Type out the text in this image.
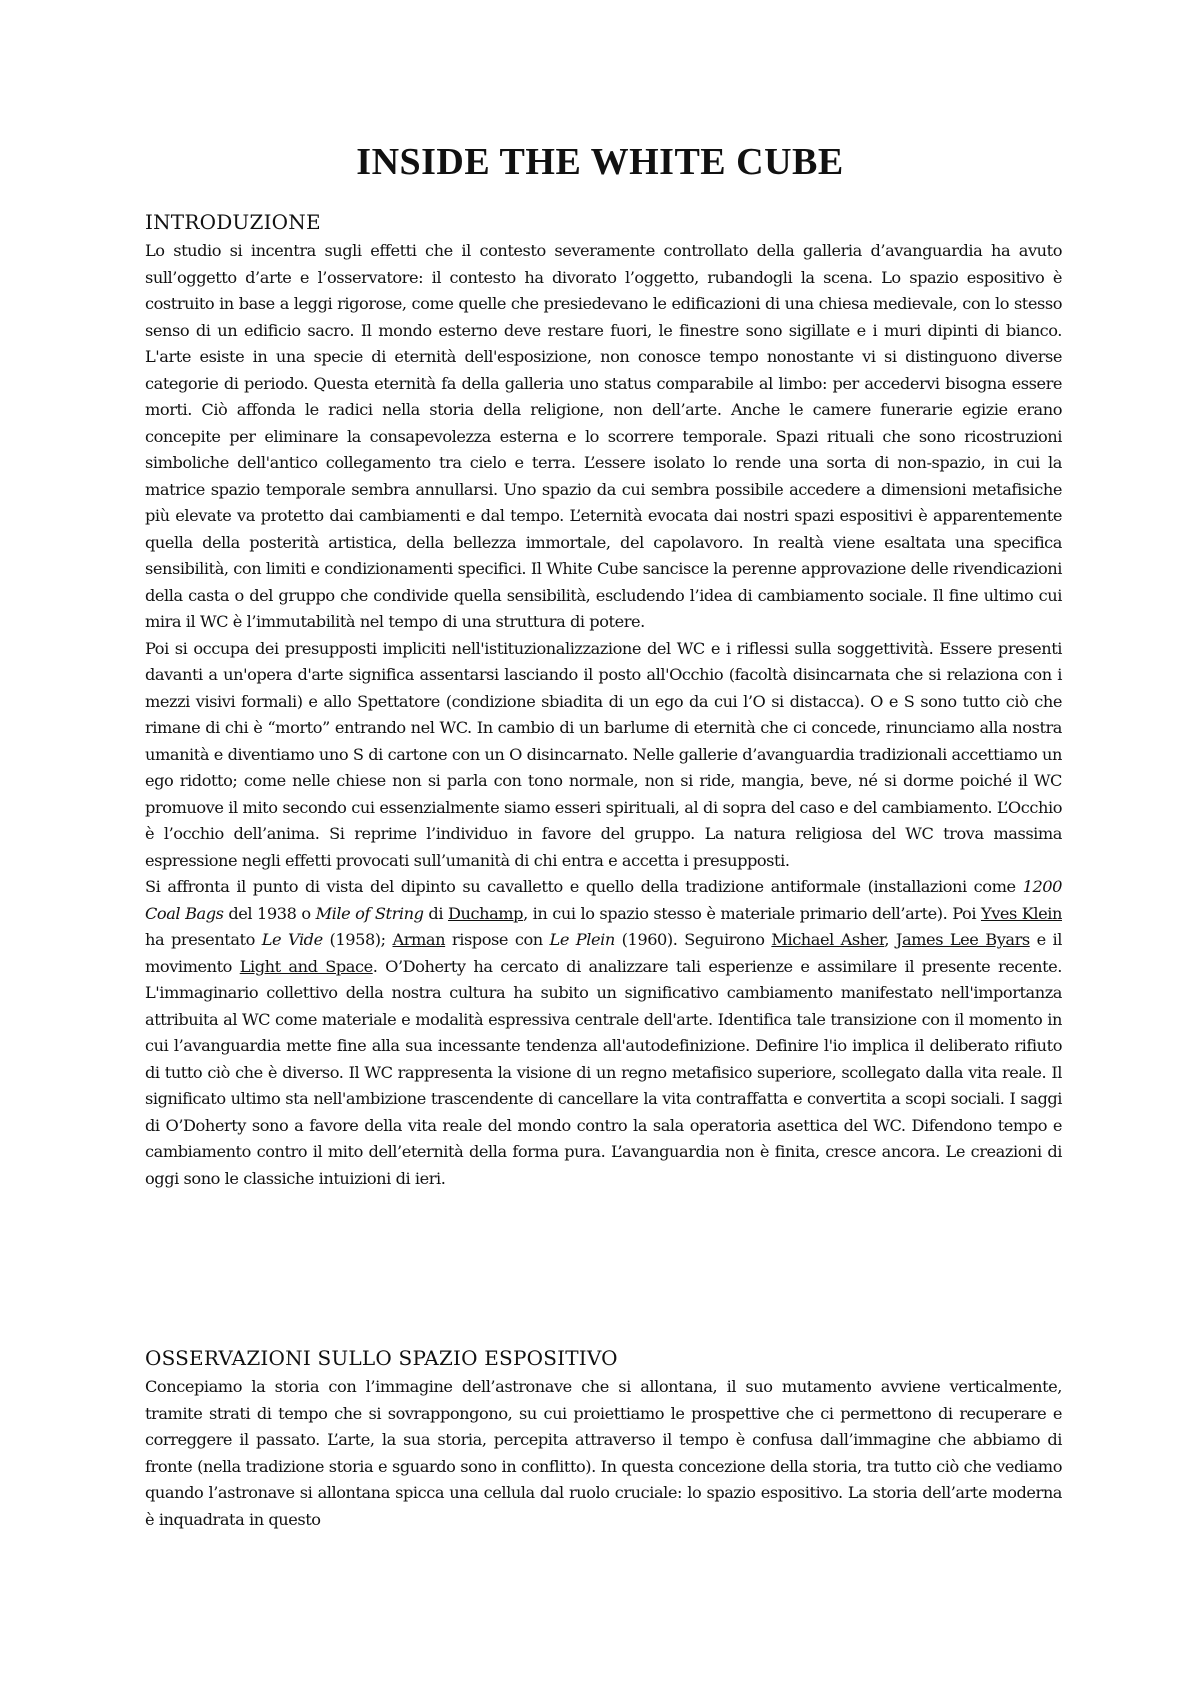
INSIDE THE WHITE CUBE
INTRODUZIONE

Lo studio si incentra sugli effetti che il contesto severamente controllato della galleria d’avanguardia ha avuto sull’oggetto d’arte e l’osservatore: il contesto ha divorato l’oggetto, rubandogli la scena. Lo spazio espositivo è costruito in base a leggi rigorose, come quelle che presiedevano le edificazioni di una chiesa medievale, con lo stesso senso di un edificio sacro. Il mondo esterno deve restare fuori, le finestre sono sigillate e i muri dipinti di bianco. L'arte esiste in una specie di eternità dell'esposizione, non conosce tempo nonostante vi si distinguono diverse categorie di periodo. Questa eternità fa della galleria uno status comparabile al limbo: per accedervi bisogna essere morti. Ciò affonda le radici nella storia della religione, non dell’arte. Anche le camere funerarie egizie erano concepite per eliminare la consapevolezza esterna e lo scorrere temporale. Spazi rituali che sono ricostruzioni simboliche dell'antico collegamento tra cielo e terra. L’essere isolato lo rende una sorta di non-spazio, in cui la matrice spazio temporale sembra annullarsi. Uno spazio da cui sembra possibile accedere a dimensioni metafisiche più elevate va protetto dai cambiamenti e dal tempo. L’eternità evocata dai nostri spazi espositivi è apparentemente quella della posterità artistica, della bellezza immortale, del capolavoro. In realtà viene esaltata una specifica sensibilità, con limiti e condizionamenti specifici. Il White Cube sancisce la perenne approvazione delle rivendicazioni della casta o del gruppo che condivide quella sensibilità, escludendo l’idea di cambiamento sociale. Il fine ultimo cui mira il WC è l’immutabilità nel tempo di una struttura di potere.

Poi si occupa dei presupposti impliciti nell'istituzionalizzazione del WC e i riflessi sulla soggettività. Essere presenti davanti a un'opera d'arte significa assentarsi lasciando il posto all'Occhio (facoltà disincarnata che si relaziona con i mezzi visivi formali) e allo Spettatore (condizione sbiadita di un ego da cui l’O si distacca). O e S sono tutto ciò che rimane di chi è “morto” entrando nel WC. In cambio di un barlume di eternità che ci concede, rinunciamo alla nostra umanità e diventiamo uno S di cartone con un O disincarnato. Nelle gallerie d’avanguardia tradizionali accettiamo un ego ridotto; come nelle chiese non si parla con tono normale, non si ride, mangia, beve, né si dorme poiché il WC promuove il mito secondo cui essenzialmente siamo esseri spirituali, al di sopra del caso e del cambiamento. L’Occhio è l’occhio dell’anima. Si reprime l’individuo in favore del gruppo. La natura religiosa del WC trova massima espressione negli effetti provocati sull’umanità di chi entra e accetta i presupposti.

Si affronta il punto di vista del dipinto su cavalletto e quello della tradizione antiformale (installazioni come 1200 Coal Bags del 1938 o Mile of String di Duchamp, in cui lo spazio stesso è materiale primario dell’arte). Poi Yves Klein ha presentato Le Vide (1958); Arman rispose con Le Plein (1960). Seguirono Michael Asher, James Lee Byars e il movimento Light and Space. O’Doherty ha cercato di analizzare tali esperienze e assimilare il presente recente. L'immaginario collettivo della nostra cultura ha subito un significativo cambiamento manifestato nell'importanza attribuita al WC come materiale e modalità espressiva centrale dell'arte. Identifica tale transizione con il momento in cui l’avanguardia mette fine alla sua incessante tendenza all'autodefinizione. Definire l'io implica il deliberato rifiuto di tutto ciò che è diverso. Il WC rappresenta la visione di un regno metafisico superiore, scollegato dalla vita reale. Il significato ultimo sta nell'ambizione trascendente di cancellare la vita contraffatta e convertita a scopi sociali. I saggi di O’Doherty sono a favore della vita reale del mondo contro la sala operatoria asettica del WC. Difendono tempo e cambiamento contro il mito dell’eternità della forma pura. L’avanguardia non è finita, cresce ancora. Le creazioni di oggi sono le classiche intuizioni di ieri.

OSSERVAZIONI SULLO SPAZIO ESPOSITIVO

Concepiamo la storia con l’immagine dell’astronave che si allontana, il suo mutamento avviene verticalmente, tramite strati di tempo che si sovrappongono, su cui proiettiamo le prospettive che ci permettono di recuperare e correggere il passato. L’arte, la sua storia, percepita attraverso il tempo è confusa dall’immagine che abbiamo di fronte (nella tradizione storia e sguardo sono in conflitto). In questa concezione della storia, tra tutto ciò che vediamo quando l’astronave si allontana spicca una cellula dal ruolo cruciale: lo spazio espositivo. La storia dell’arte moderna è inquadrata in questo
